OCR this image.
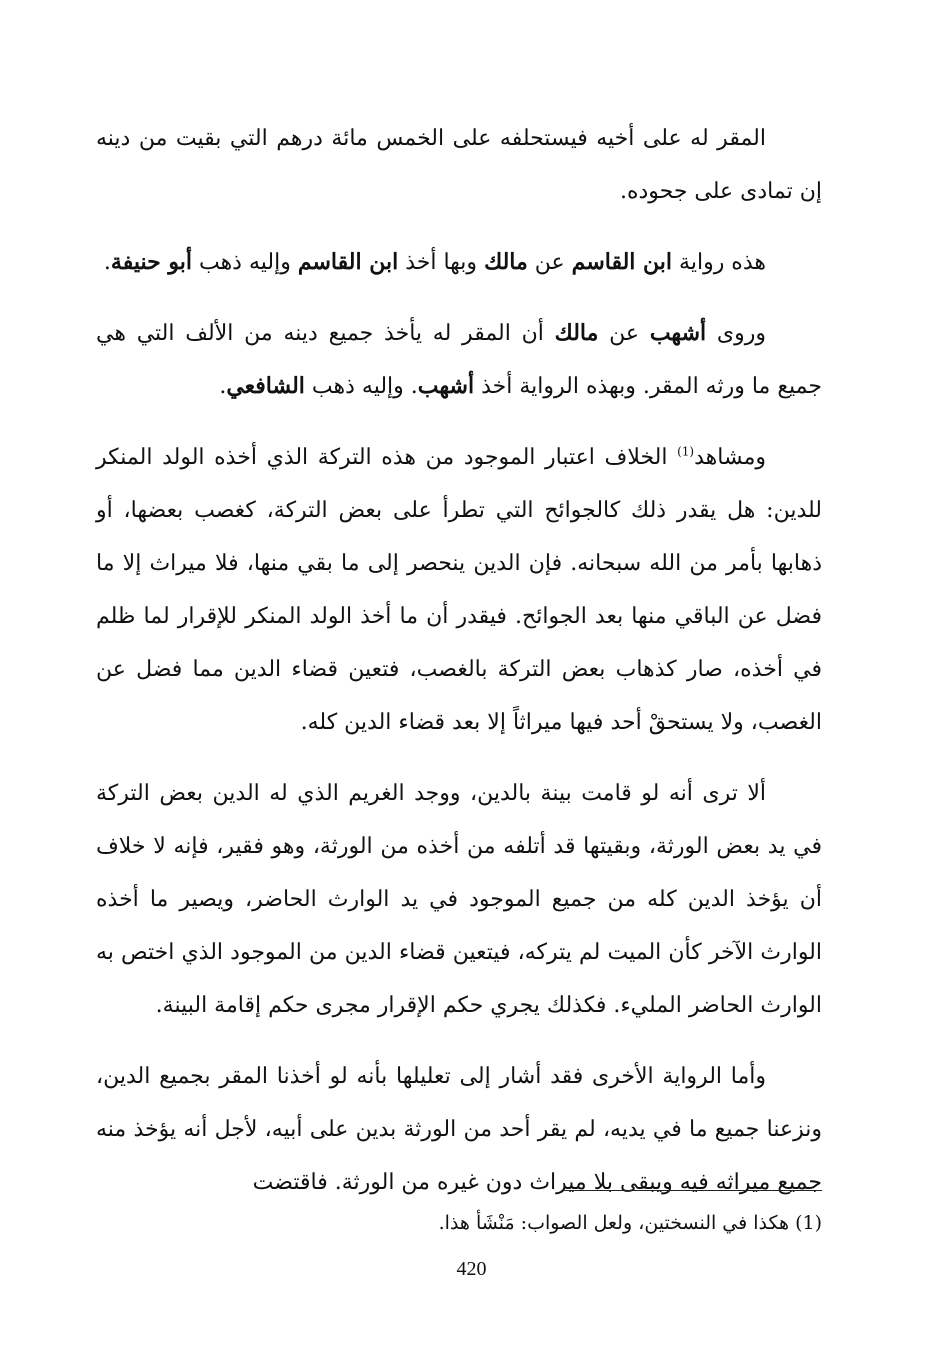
المقر له على أخيه فيستحلفه على الخمس مائة درهم التي بقيت من دينه إن تمادى على جحوده.

هذه رواية ابن القاسم عن مالك وبها أخذ ابن القاسم وإليه ذهب أبو حنيفة.

وروى أشهب عن مالك أن المقر له يأخذ جميع دينه من الألف التي هي جميع ما ورثه المقر. وبهذه الرواية أخذ أشهب. وإليه ذهب الشافعي.

ومشاهد$^{(1)}$ الخلاف اعتبار الموجود من هذه التركة الذي أخذه الولد المنكر للدين: هل يقدر ذلك كالجوائح التي تطرأ على بعض التركة، كغصب بعضها، أو ذهابها بأمر من الله سبحانه. فإن الدين ينحصر إلى ما بقي منها، فلا ميراث إلا ما فضل عن الباقي منها بعد الجوائح. فيقدر أن ما أخذ الولد المنكر للإقرار لما ظلم في أخذه، صار كذهاب بعض التركة بالغصب، فتعين قضاء الدين مما فضل عن الغصب، ولا يستحقْ أحد فيها ميراثاً إلا بعد قضاء الدين كله.

ألا ترى أنه لو قامت بينة بالدين، ووجد الغريم الذي له الدين بعض التركة في يد بعض الورثة، وبقيتها قد أتلفه من أخذه من الورثة، وهو فقير، فإنه لا خلاف أن يؤخذ الدين كله من جميع الموجود في يد الوارث الحاضر، ويصير ما أخذه الوارث الآخر كأن الميت لم يتركه، فيتعين قضاء الدين من الموجود الذي اختص به الوارث الحاضر المليء. فكذلك يجري حكم الإقرار مجرى حكم إقامة البينة.

وأما الرواية الأخرى فقد أشار إلى تعليلها بأنه لو أخذنا المقر بجميع الدين، ونزعنا جميع ما في يديه، لم يقر أحد من الورثة بدين على أبيه، لأجل أنه يؤخذ منه جميع ميراثه فيه ويبقى بلا ميراث دون غيره من الورثة. فاقتضت

(1) هكذا في النسختين، ولعل الصواب: مَنْشَأ هذا.
420
